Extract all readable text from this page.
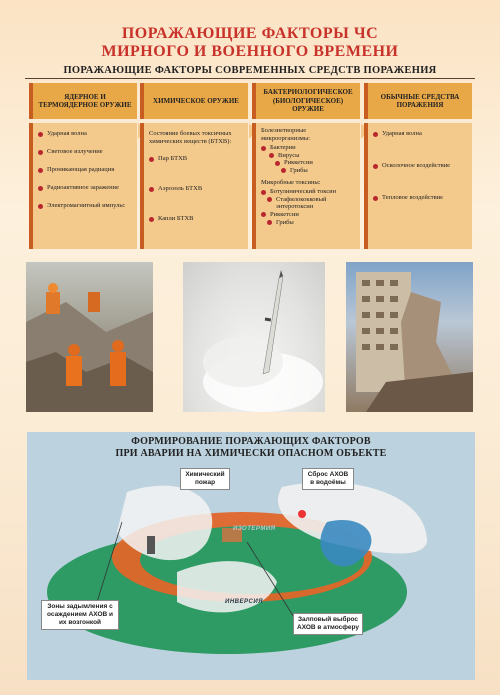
ПОРАЖАЮЩИЕ ФАКТОРЫ ЧС
МИРНОГО И ВОЕННОГО ВРЕМЕНИ
ПОРАЖАЮЩИЕ ФАКТОРЫ СОВРЕМЕННЫХ СРЕДСТВ ПОРАЖЕНИЯ
ЯДЕРНОЕ И ТЕРМОЯДЕРНОЕ ОРУЖИЕ
Ударная волна
Световое излучение
Проникающая радиация
Радиоактивное заражение
Электромагнитный импульс
ХИМИЧЕСКОЕ ОРУЖИЕ
Состояние боевых токсичных химических веществ (БТХВ):
Пар БТХВ
Аэрозоль БТХВ
Капли БТХВ
БАКТЕРИОЛОГИЧЕСКОЕ (БИОЛОГИЧЕСКОЕ) ОРУЖИЕ
Болезнетворные микроорганизмы:
Бактерии
Вирусы
Риккетсии
Грибы
Микробные токсины:
Ботулинический токсин
Стафилококковый энтеротоксин
Риккетсии
Грибы
ОБЫЧНЫЕ СРЕДСТВА ПОРАЖЕНИЯ
Ударная волна
Осколочное воздействие
Тепловое воздействие
ФОРМИРОВАНИЕ ПОРАЖАЮЩИХ ФАКТОРОВ
ПРИ АВАРИИ НА ХИМИЧЕСКИ ОПАСНОМ ОБЪЕКТЕ
Химический пожар
Сброс АХОВ в водоёмы
Зоны задымления с осаждением АХОВ и их возгонкой	Залповый выброс АХОВ в атмосферу
ИЗОТЕРМИЯ
ИНВЕРСИЯ
